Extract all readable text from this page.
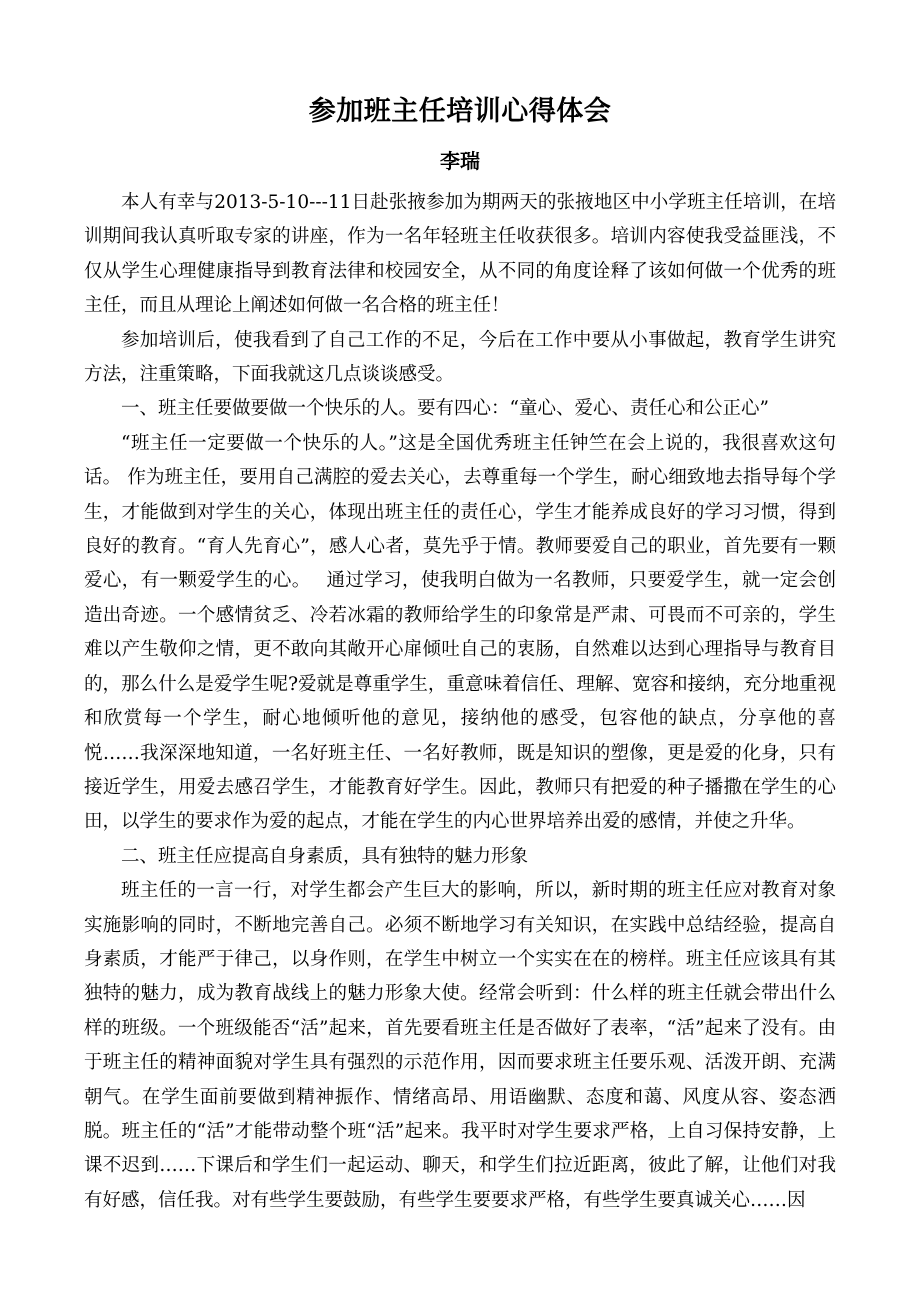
参加班主任培训心得体会
李瑞

本人有幸与2013-5-10---11日赴张掖参加为期两天的张掖地区中小学班主任培训，在培训期间我认真听取专家的讲座，作为一名年轻班主任收获很多。培训内容使我受益匪浅，不仅从学生心理健康指导到教育法律和校园安全，从不同的角度诠释了该如何做一个优秀的班主任，而且从理论上阐述如何做一名合格的班主任！

参加培训后，使我看到了自己工作的不足，今后在工作中要从小事做起，教育学生讲究方法，注重策略，下面我就这几点谈谈感受。

一、班主任要做要做一个快乐的人。要有四心：“童心、爱心、责任心和公正心”

“班主任一定要做一个快乐的人。”这是全国优秀班主任钟竺在会上说的，我很喜欢这句话。 作为班主任，要用自己满腔的爱去关心，去尊重每一个学生，耐心细致地去指导每个学生，才能做到对学生的关心，体现出班主任的责任心，学生才能养成良好的学习习惯，得到良好的教育。“育人先育心”，感人心者，莫先乎于情。教师要爱自己的职业，首先要有一颗爱心，有一颗爱学生的心。　 通过学习，使我明白做为一名教师，只要爱学生，就一定会创造出奇迹。一个感情贫乏、冷若冰霜的教师给学生的印象常是严肃、可畏而不可亲的，学生难以产生敬仰之情，更不敢向其敞开心扉倾吐自己的衷肠，自然难以达到心理指导与教育目的，那么什么是爱学生呢?爱就是尊重学生，重意味着信任、理解、宽容和接纳，充分地重视和欣赏每一个学生，耐心地倾听他的意见，接纳他的感受，包容他的缺点，分享他的喜悦……我深深地知道，一名好班主任、一名好教师，既是知识的塑像，更是爱的化身，只有接近学生，用爱去感召学生，才能教育好学生。因此，教师只有把爱的种子播撒在学生的心田，以学生的要求作为爱的起点，才能在学生的内心世界培养出爱的感情，并使之升华。

二、班主任应提高自身素质，具有独特的魅力形象

班主任的一言一行，对学生都会产生巨大的影响，所以，新时期的班主任应对教育对象实施影响的同时，不断地完善自己。必须不断地学习有关知识，在实践中总结经验，提高自身素质，才能严于律己，以身作则，在学生中树立一个实实在在的榜样。班主任应该具有其独特的魅力，成为教育战线上的魅力形象大使。经常会听到：什么样的班主任就会带出什么样的班级。一个班级能否“活”起来，首先要看班主任是否做好了表率，“活”起来了没有。由于班主任的精神面貌对学生具有强烈的示范作用，因而要求班主任要乐观、活泼开朗、充满朝气。在学生面前要做到精神振作、情绪高昂、用语幽默、态度和蔼、风度从容、姿态洒脱。班主任的“活”才能带动整个班“活”起来。我平时对学生要求严格，上自习保持安静，上课不迟到……下课后和学生们一起运动、聊天，和学生们拉近距离，彼此了解，让他们对我有好感，信任我。对有些学生要鼓励，有些学生要要求严格，有些学生要真诚关心……因
